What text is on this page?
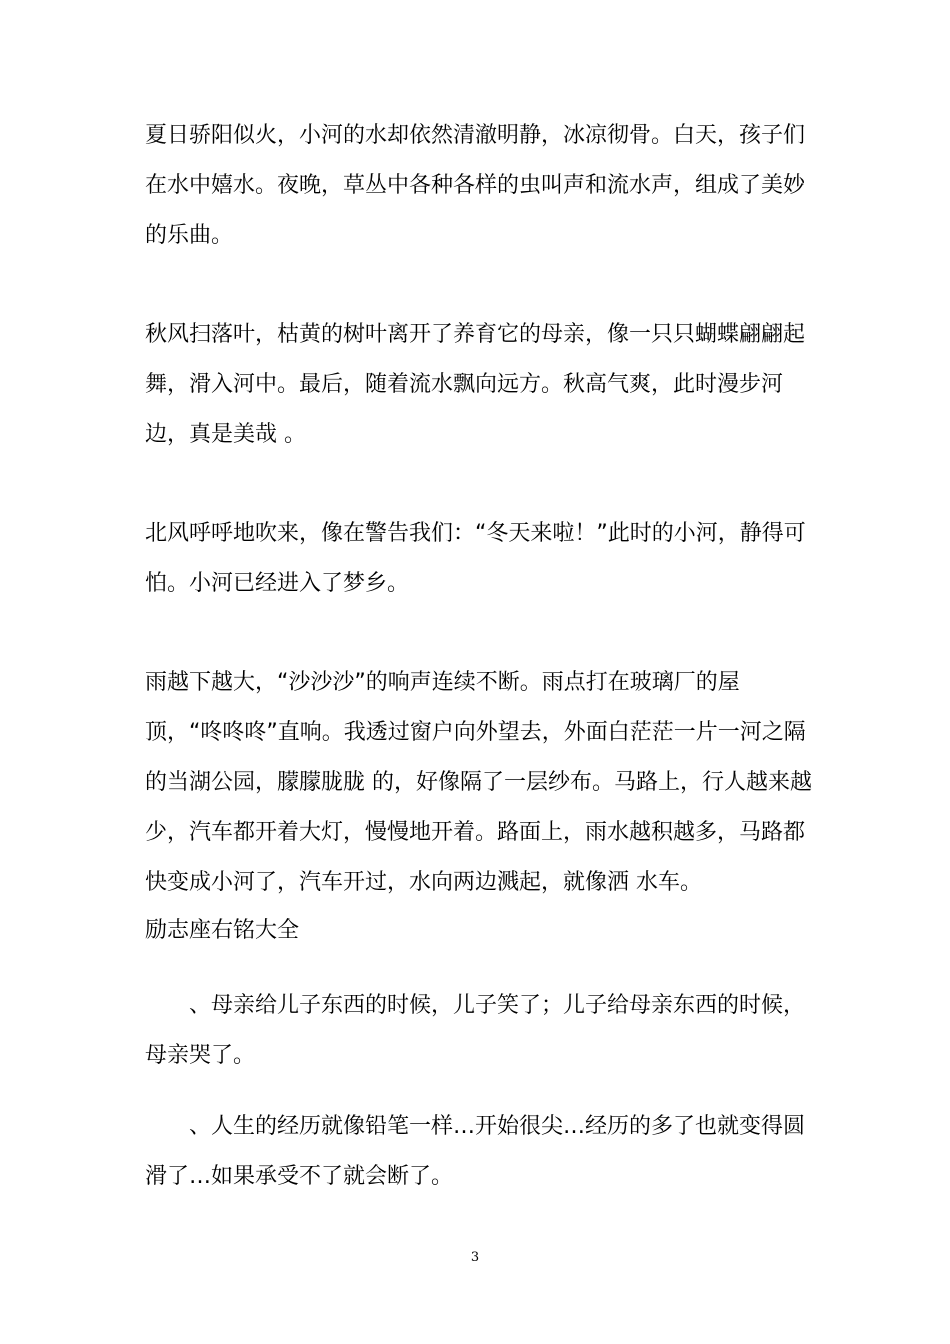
夏日骄阳似火，小河的水却依然清澈明静，冰凉彻骨。白天，孩子们在水中嬉水。夜晚，草丛中各种各样的虫叫声和流水声，组成了美妙的乐曲。

秋风扫落叶，枯黄的树叶离开了养育它的母亲，像一只只蝴蝶翩翩起舞，滑入河中。最后，随着流水飘向远方。秋高气爽，此时漫步河边，真是美哉 。

北风呼呼地吹来，像在警告我们：“冬天来啦！”此时的小河，静得可怕。小河已经进入了梦乡。

雨越下越大，“沙沙沙”的响声连续不断。雨点打在玻璃厂的屋顶，“咚咚咚”直响。我透过窗户向外望去，外面白茫茫一片一河之隔的当湖公园，朦朦胧胧 的，好像隔了一层纱布。马路上，行人越来越少，汽车都开着大灯，慢慢地开着。路面上，雨水越积越多，马路都快变成小河了，汽车开过，水向两边溅起，就像洒 水车。

励志座右铭大全

、母亲给儿子东西的时候，儿子笑了；儿子给母亲东西的时候，母亲哭了。

、人生的经历就像铅笔一样…开始很尖…经历的多了也就变得圆滑了…如果承受不了就会断了。

3
